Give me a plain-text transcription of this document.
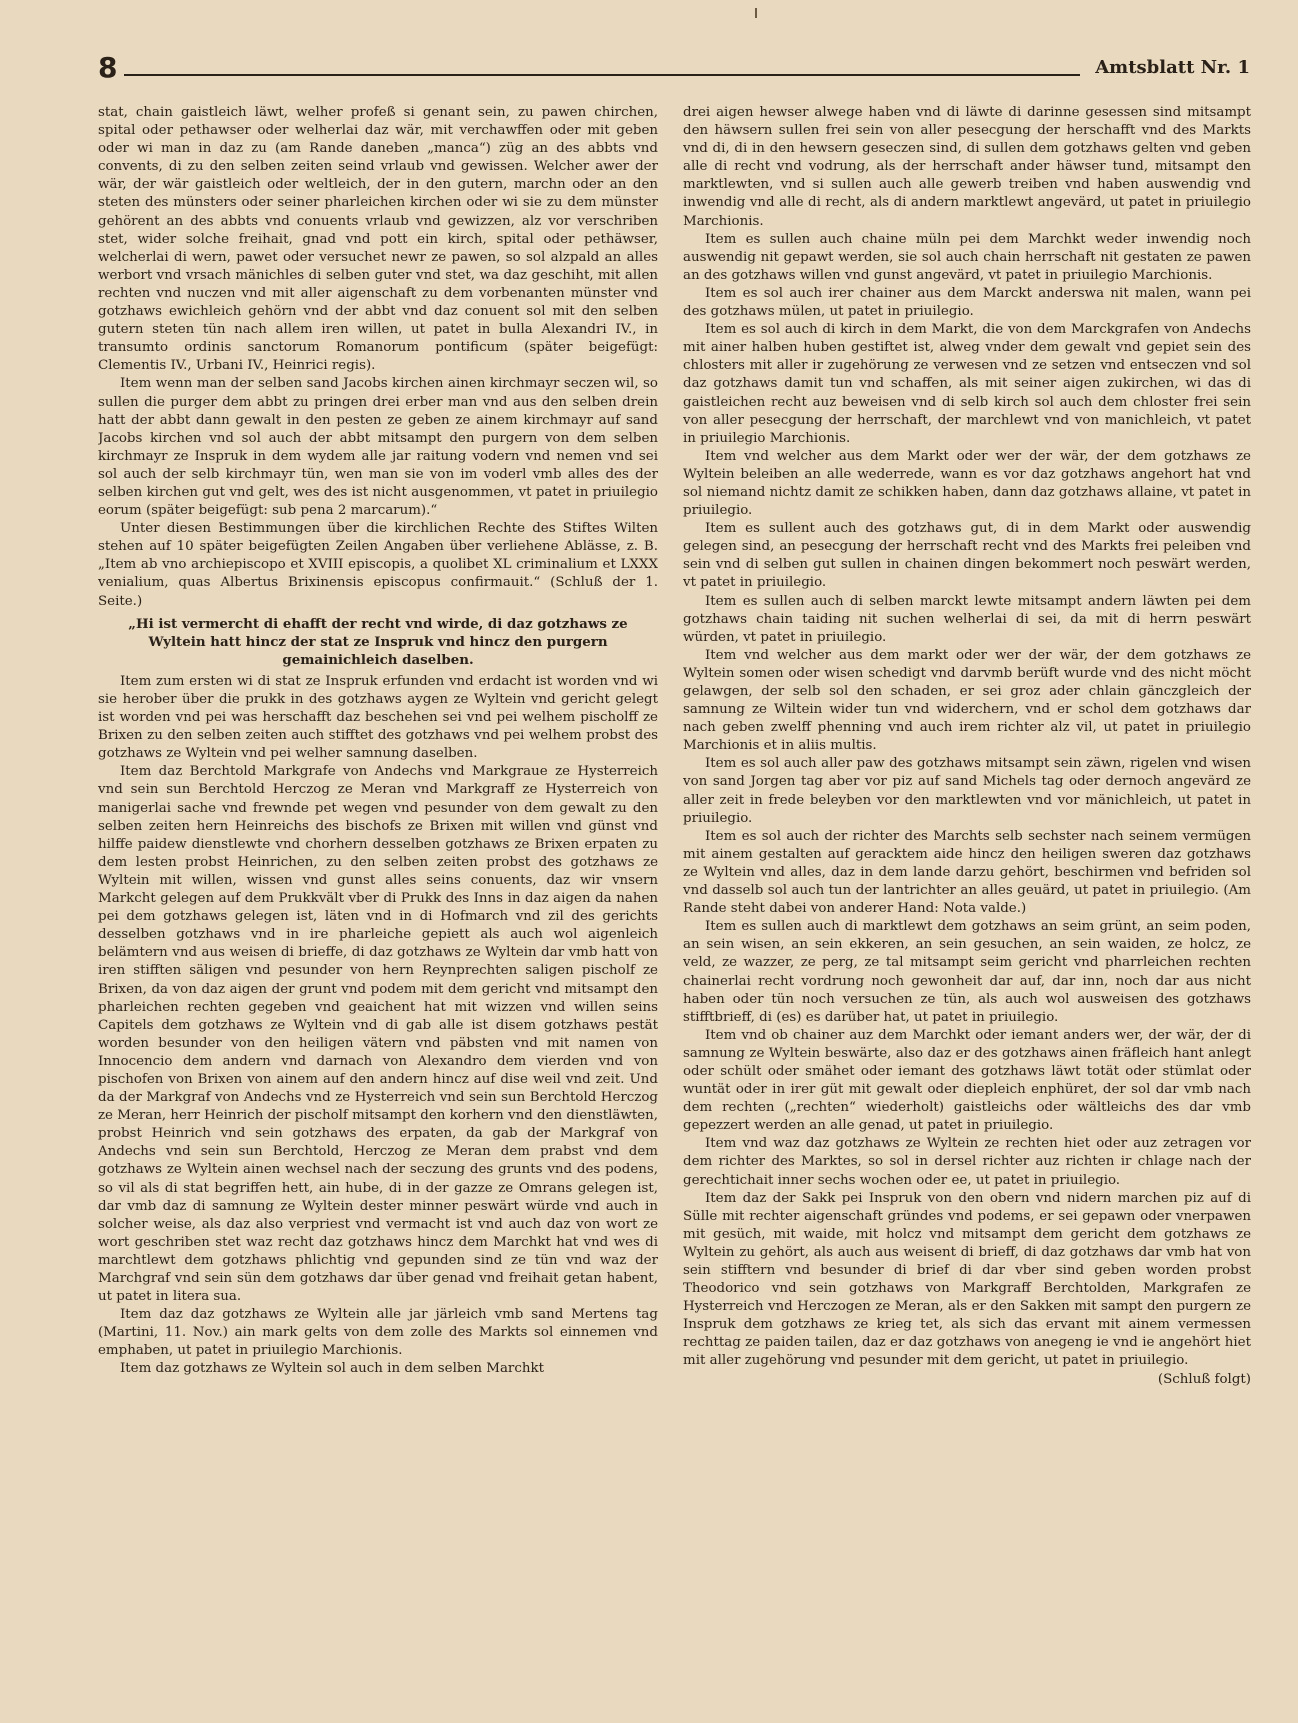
8	Amtsblatt Nr. 1

stat, chain gaistleich läwt, welher profeß si genant sein, zu pawen chirchen, spital oder pethawser oder welherlai daz wär, mit verchawffen oder mit geben oder wi man in daz zu (am Rande daneben „manca“) züg an des abbts vnd convents, di zu den selben zeiten seind vrlaub vnd gewissen. Welcher awer der wär, der wär gaistleich oder weltleich, der in den gutern, marchn oder an den steten des münsters oder seiner pharleichen kirchen oder wi sie zu dem münster gehörent an des abbts vnd conuents vrlaub vnd gewizzen, alz vor verschriben stet, wider solche freihait, gnad vnd pott ein kirch, spital oder pethäwser, welcherlai di wern, pawet oder versuchet newr ze pawen, so sol alzpald an alles werbort vnd vrsach mänichles di selben guter vnd stet, wa daz geschiht, mit allen rechten vnd nuczen vnd mit aller aigenschaft zu dem vorbenanten münster vnd gotzhaws ewichleich gehörn vnd der abbt vnd daz conuent sol mit den selben gutern steten tün nach allem iren willen, ut patet in bulla Alexandri IV., in transumto ordinis sanctorum Romanorum pontificum (später beigefügt: Clementis IV., Urbani IV., Heinrici regis).

Item wenn man der selben sand Jacobs kirchen ainen kirchmayr seczen wil, so sullen die purger dem abbt zu pringen drei erber man vnd aus den selben drein hatt der abbt dann gewalt in den pesten ze geben ze ainem kirchmayr auf sand Jacobs kirchen vnd sol auch der abbt mitsampt den purgern von dem selben kirchmayr ze Inspruk in dem wydem alle jar raitung vodern vnd nemen vnd sei sol auch der selb kirchmayr tün, wen man sie von im voderl vmb alles des der selben kirchen gut vnd gelt, wes des ist nicht ausgenommen, vt patet in priuilegio eorum (später beigefügt: sub pena 2 marcarum).“

Unter diesen Bestimmungen über die kirchlichen Rechte des Stiftes Wilten stehen auf 10 später beigefügten Zeilen Angaben über verliehene Ablässe, z. B. „Item ab vno archiepiscopo et XVIII episcopis, a quolibet XL criminalium et LXXX venialium, quas Albertus Brixinensis episcopus confirmauit.“ (Schluß der 1. Seite.)

„Hi ist vermercht di ehafft der recht vnd wirde, di daz gotzhaws ze Wyltein hatt hincz der stat ze Inspruk vnd hincz den purgern gemainichleich daselben.

Item zum ersten wi di stat ze Inspruk erfunden vnd erdacht ist worden vnd wi sie herober über die prukk in des gotzhaws aygen ze Wyltein vnd gericht gelegt ist worden vnd pei was herschafft daz beschehen sei vnd pei welhem pischolff ze Brixen zu den selben zeiten auch stifftet des gotzhaws vnd pei welhem probst des gotzhaws ze Wyltein vnd pei welher samnung daselben.

Item daz Berchtold Markgrafe von Andechs vnd Markgraue ze Hysterreich vnd sein sun Berchtold Herczog ze Meran vnd Markgraff ze Hysterreich von manigerlai sache vnd frewnde pet wegen vnd pesunder von dem gewalt zu den selben zeiten hern Heinreichs des bischofs ze Brixen mit willen vnd günst vnd hilffe paidew dienstlewte vnd chorhern desselben gotzhaws ze Brixen erpaten zu dem lesten probst Heinrichen, zu den selben zeiten probst des gotzhaws ze Wyltein mit willen, wissen vnd gunst alles seins conuents, daz wir vnsern Markcht gelegen auf dem Prukkvält vber di Prukk des Inns in daz aigen da nahen pei dem gotzhaws gelegen ist, läten vnd in di Hofmarch vnd zil des gerichts desselben gotzhaws vnd in ire pharleiche gepiett als auch wol aigenleich belämtern vnd aus weisen di brieffe, di daz gotzhaws ze Wyltein dar vmb hatt von iren stifften säligen vnd pesunder von hern Reynprechten saligen pischolf ze Brixen, da von daz aigen der grunt vnd podem mit dem gericht vnd mitsampt den pharleichen rechten gegeben vnd geaichent hat mit wizzen vnd willen seins Capitels dem gotzhaws ze Wyltein vnd di gab alle ist disem gotzhaws pestät worden besunder von den heiligen vätern vnd päbsten vnd mit namen von Innocencio dem andern vnd darnach von Alexandro dem vierden vnd von pischofen von Brixen von ainem auf den andern hincz auf dise weil vnd zeit. Und da der Markgraf von Andechs vnd ze Hysterreich vnd sein sun Berchtold Herczog ze Meran, herr Heinrich der pischolf mitsampt den korhern vnd den dienstläwten, probst Heinrich vnd sein gotzhaws des erpaten, da gab der Markgraf von Andechs vnd sein sun Berchtold, Herczog ze Meran dem prabst vnd dem gotzhaws ze Wyltein ainen wechsel nach der seczung des grunts vnd des podens, so vil als di stat begriffen hett, ain hube, di in der gazze ze Omrans gelegen ist, dar vmb daz di samnung ze Wyltein dester minner peswärt würde vnd auch in solcher weise, als daz also verpriest vnd vermacht ist vnd auch daz von wort ze wort geschriben stet waz recht daz gotzhaws hincz dem Marchkt hat vnd wes di marchtlewt dem gotzhaws phlichtig vnd gepunden sind ze tün vnd waz der Marchgraf vnd sein sün dem gotzhaws dar über genad vnd freihait getan habent, ut patet in litera sua.

Item daz daz gotzhaws ze Wyltein alle jar järleich vmb sand Mertens tag (Martini, 11. Nov.) ain mark gelts von dem zolle des Markts sol einnemen vnd emphaben, ut patet in priuilegio Marchionis.

Item daz gotzhaws ze Wyltein sol auch in dem selben Marchkt

drei aigen hewser alwege haben vnd di läwte di darinne gesessen sind mitsampt den häwsern sullen frei sein von aller pesecgung der herschafft vnd des Markts vnd di, di in den hewsern geseczen sind, di sullen dem gotzhaws gelten vnd geben alle di recht vnd vodrung, als der herrschaft ander häwser tund, mitsampt den marktlewten, vnd si sullen auch alle gewerb treiben vnd haben auswendig vnd inwendig vnd alle di recht, als di andern marktlewt angevärd, ut patet in priuilegio Marchionis.

Item es sullen auch chaine müln pei dem Marchkt weder inwendig noch auswendig nit gepawt werden, sie sol auch chain herrschaft nit gestaten ze pawen an des gotzhaws willen vnd gunst angevärd, vt patet in priuilegio Marchionis.

Item es sol auch irer chainer aus dem Marckt anderswa nit malen, wann pei des gotzhaws mülen, ut patet in priuilegio.

Item es sol auch di kirch in dem Markt, die von dem Marckgrafen von Andechs mit ainer halben huben gestiftet ist, alweg vnder dem gewalt vnd gepiet sein des chlosters mit aller ir zugehörung ze verwesen vnd ze setzen vnd entseczen vnd sol daz gotzhaws damit tun vnd schaffen, als mit seiner aigen zukirchen, wi das di gaistleichen recht auz beweisen vnd di selb kirch sol auch dem chloster frei sein von aller pesecgung der herrschaft, der marchlewt vnd von manichleich, vt patet in priuilegio Marchionis.

Item vnd welcher aus dem Markt oder wer der wär, der dem gotzhaws ze Wyltein beleiben an alle wederrede, wann es vor daz gotzhaws angehort hat vnd sol niemand nichtz damit ze schikken haben, dann daz gotzhaws allaine, vt patet in priuilegio.

Item es sullent auch des gotzhaws gut, di in dem Markt oder auswendig gelegen sind, an pesecgung der herrschaft recht vnd des Markts frei peleiben vnd sein vnd di selben gut sullen in chainen dingen bekommert noch peswärt werden, vt patet in priuilegio.

Item es sullen auch di selben marckt lewte mitsampt andern läwten pei dem gotzhaws chain taiding nit suchen welherlai di sei, da mit di herrn peswärt würden, vt patet in priuilegio.

Item vnd welcher aus dem markt oder wer der wär, der dem gotzhaws ze Wyltein somen oder wisen schedigt vnd darvmb berüft wurde vnd des nicht möcht gelawgen, der selb sol den schaden, er sei groz ader chlain gänczgleich der samnung ze Wiltein wider tun vnd widerchern, vnd er schol dem gotzhaws dar nach geben zwelff phenning vnd auch irem richter alz vil, ut patet in priuilegio Marchionis et in aliis multis.

Item es sol auch aller paw des gotzhaws mitsampt sein zäwn, rigelen vnd wisen von sand Jorgen tag aber vor piz auf sand Michels tag oder dernoch angevärd ze aller zeit in frede beleyben vor den marktlewten vnd vor mänichleich, ut patet in priuilegio.

Item es sol auch der richter des Marchts selb sechster nach seinem vermügen mit ainem gestalten auf geracktem aide hincz den heiligen sweren daz gotzhaws ze Wyltein vnd alles, daz in dem lande darzu gehört, beschirmen vnd befriden sol vnd dasselb sol auch tun der lantrichter an alles geuärd, ut patet in priuilegio. (Am Rande steht dabei von anderer Hand: Nota valde.)

Item es sullen auch di marktlewt dem gotzhaws an seim grünt, an seim poden, an sein wisen, an sein ekkeren, an sein gesuchen, an sein waiden, ze holcz, ze veld, ze wazzer, ze perg, ze tal mitsampt seim gericht vnd pharrleichen rechten chainerlai recht vordrung noch gewonheit dar auf, dar inn, noch dar aus nicht haben oder tün noch versuchen ze tün, als auch wol ausweisen des gotzhaws stifftbrieff, di (es) es darüber hat, ut patet in priuilegio.

Item vnd ob chainer auz dem Marchkt oder iemant anders wer, der wär, der di samnung ze Wyltein beswärte, also daz er des gotzhaws ainen fräfleich hant anlegt oder schült oder smähet oder iemant des gotzhaws läwt totät oder stümlat oder wuntät oder in irer güt mit gewalt oder diepleich enphüret, der sol dar vmb nach dem rechten („rechten“ wiederholt) gaistleichs oder wältleichs des dar vmb gepezzert werden an alle genad, ut patet in priuilegio.

Item vnd waz daz gotzhaws ze Wyltein ze rechten hiet oder auz zetragen vor dem richter des Marktes, so sol in dersel richter auz richten ir chlage nach der gerechtichait inner sechs wochen oder ee, ut patet in priuilegio.

Item daz der Sakk pei Inspruk von den obern vnd nidern marchen piz auf di Sülle mit rechter aigenschaft gründes vnd podems, er sei gepawn oder vnerpawen mit gesüch, mit waide, mit holcz vnd mitsampt dem gericht dem gotzhaws ze Wyltein zu gehört, als auch aus weisent di brieff, di daz gotzhaws dar vmb hat von sein stifftern vnd besunder di brief di dar vber sind geben worden probst Theodorico vnd sein gotzhaws von Markgraff Berchtolden, Markgrafen ze Hysterreich vnd Herczogen ze Meran, als er den Sakken mit sampt den purgern ze Inspruk dem gotzhaws ze krieg tet, als sich das ervant mit ainem vermessen rechttag ze paiden tailen, daz er daz gotzhaws von anegeng ie vnd ie angehört hiet mit aller zugehörung vnd pesunder mit dem gericht, ut patet in priuilegio.

(Schluß folgt)
